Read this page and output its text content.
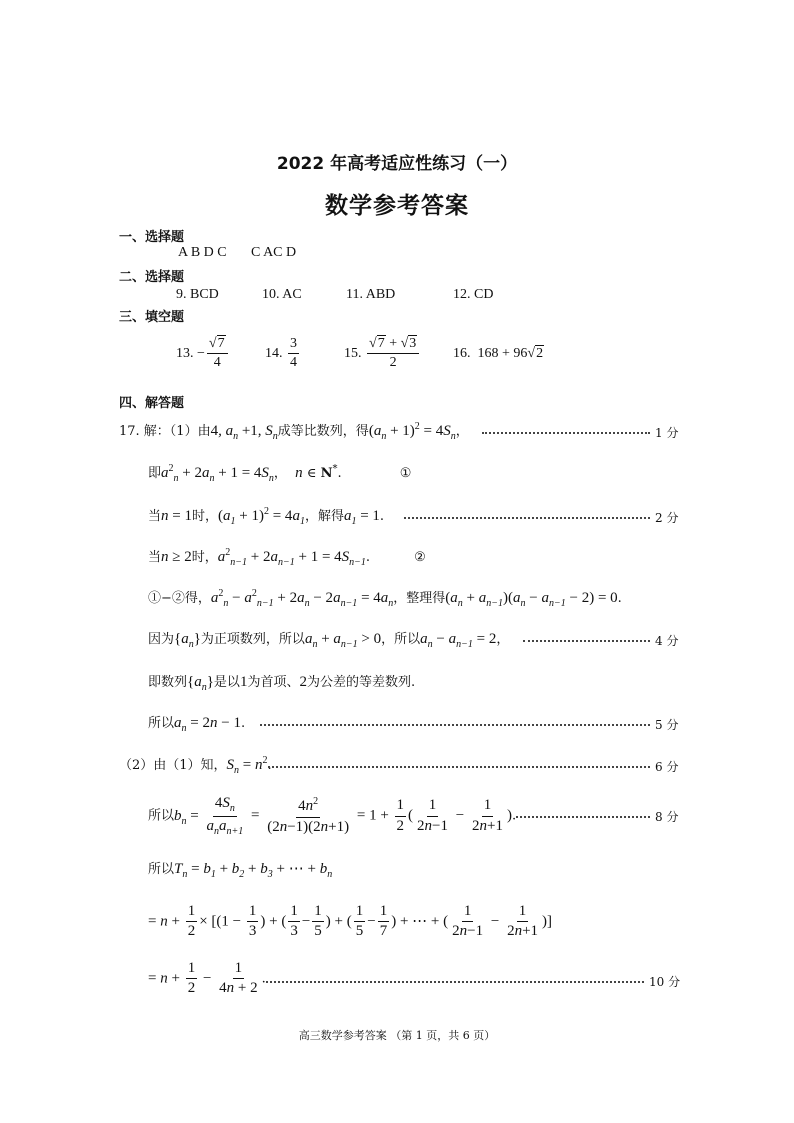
2022 年高考适应性练习（一）
数学参考答案
一、选择题
A B D C C AC D
二、选择题
9. BCD	10. AC	11. ABD	12. CD
三、填空题
13. − $\frac{√7}{4}$	14. $\frac{3}{4}$	15. $\frac{√7 + √3}{2} 16$. 168 + 96√2
四、解答题
17. 解：（1）由4, $a_n +1$, $S_n$成等比数列，得$(a_n + 1)^2 = 4S_n$，	1 分
即$a^2_n + 2a_n + 1 = 4S_n$，  n ∈ N*.	①
当n = 1时，$(a_1 + 1)^2 = 4a_1$，解得$a_1 = 1$.	2 分
当n ≥ 2时，$a^2_{n-1} + 2a_{n-1} + 1 = 4S_{n-1}$.	②
①−②得，$a^2_n - a^2_{n-1} + 2a_n - 2a_{n-1} = 4a_n$，整理得$(a_n + a_{n-1})(a_n - a_{n-1} - 2) = 0$.
因为$\{a_n\}$为正项数列，所以$a_n + a_{n-1} > 0$，所以$a_n - a_{n-1} = 2$，	4 分
即数列$\{a_n\}$是以1为首项、2为公差的等差数列.
所以$a_n = 2n - 1$.	5 分
（2）由（1）知，$S_n = n^2$.	6 分
所以$b_n = \frac{4S_n}{a_na_{n+1}} = \frac{4n^2}{(2n-1)(2n+1)} = 1 + \frac{1}{2}$ ( $\frac{1}{2n-1} - \frac{1}{2n+1}$ ).	8 分
所以$T_n = b_1 + b_2 + b_3$ + ⋯ + $b_n$
= $n + \frac{1}{2} \times [(1 - \frac{1}{3}$ ) + ( $\frac{1}{3} - \frac{1}{5}$ ) + ( $\frac{1}{5} - \frac{1}{7}$ ) + ⋯ + ( $\frac{1}{2n-1} - \frac{1}{2n+1}$ )]
= $n + \frac{1}{2} - \frac{1}{4n + 2}$ .	10 分
高三数学参考答案 （第 1 页，共 6 页）
